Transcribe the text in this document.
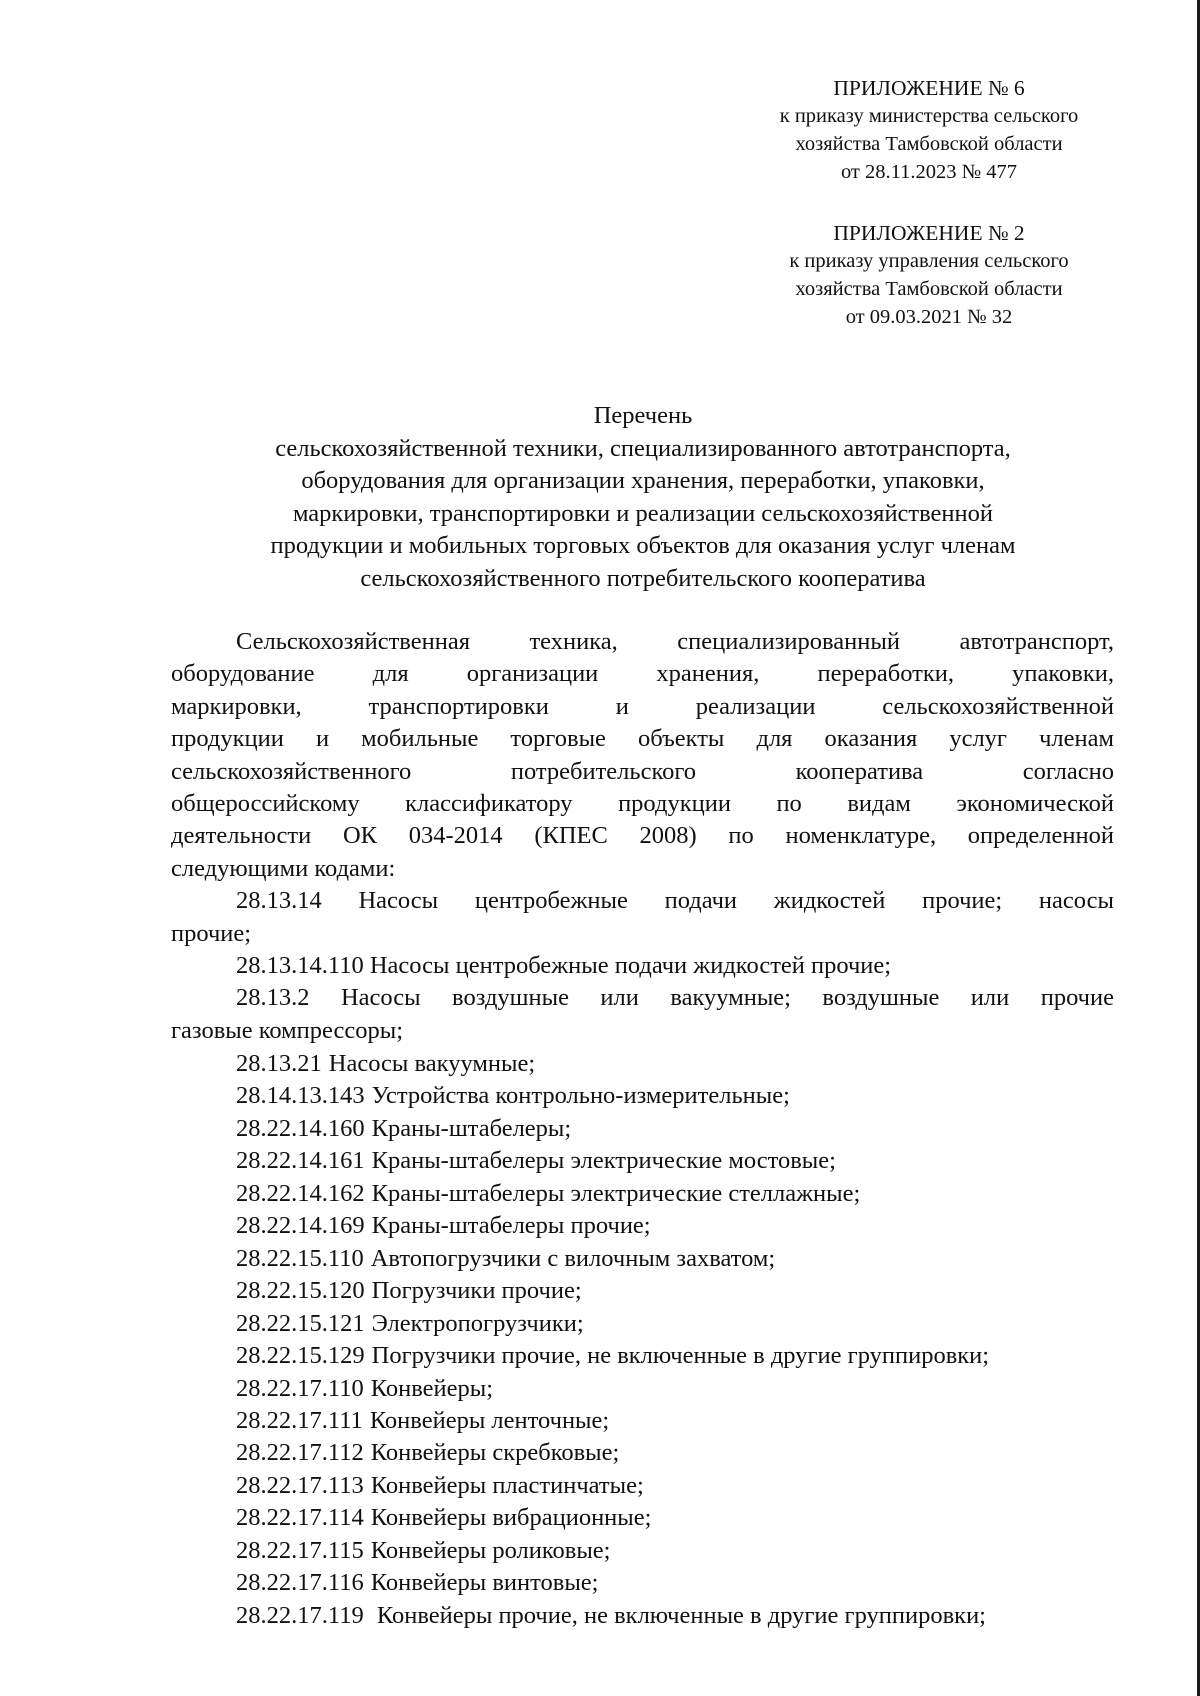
ПРИЛОЖЕНИЕ № 6
к приказу министерства сельского
хозяйства Тамбовской области
от 28.11.2023 № 477
ПРИЛОЖЕНИЕ № 2
к приказу управления сельского
хозяйства Тамбовской области
от 09.03.2021 № 32
Перечень
сельскохозяйственной техники, специализированного автотранспорта,
оборудования для организации хранения, переработки, упаковки,
маркировки, транспортировки и реализации сельскохозяйственной
продукции и мобильных торговых объектов для оказания услуг членам
сельскохозяйственного потребительского кооператива
Сельскохозяйственная техника, специализированный автотранспорт,
оборудование для организации хранения, переработки, упаковки,
маркировки, транспортировки и реализации сельскохозяйственной
продукции и мобильные торговые объекты для оказания услуг членам
сельскохозяйственного потребительского кооператива согласно
общероссийскому классификатору продукции по видам экономической
деятельности ОК 034-2014 (КПЕС 2008) по номенклатуре, определенной
следующими кодами:
28.13.14 Насосы центробежные подачи жидкостей прочие; насосы
прочие;
28.13.14.110 Насосы центробежные подачи жидкостей прочие;
28.13.2 Насосы воздушные или вакуумные; воздушные или прочие
газовые компрессоры;
28.13.21 Насосы вакуумные;
28.14.13.143 Устройства контрольно-измерительные;
28.22.14.160 Краны-штабелеры;
28.22.14.161 Краны-штабелеры электрические мостовые;
28.22.14.162 Краны-штабелеры электрические стеллажные;
28.22.14.169 Краны-штабелеры прочие;
28.22.15.110 Автопогрузчики с вилочным захватом;
28.22.15.120 Погрузчики прочие;
28.22.15.121 Электропогрузчики;
28.22.15.129 Погрузчики прочие, не включенные в другие группировки;
28.22.17.110 Конвейеры;
28.22.17.111 Конвейеры ленточные;
28.22.17.112 Конвейеры скребковые;
28.22.17.113 Конвейеры пластинчатые;
28.22.17.114 Конвейеры вибрационные;
28.22.17.115 Конвейеры роликовые;
28.22.17.116 Конвейеры винтовые;
28.22.17.119 Конвейеры прочие, не включенные в другие группировки;
